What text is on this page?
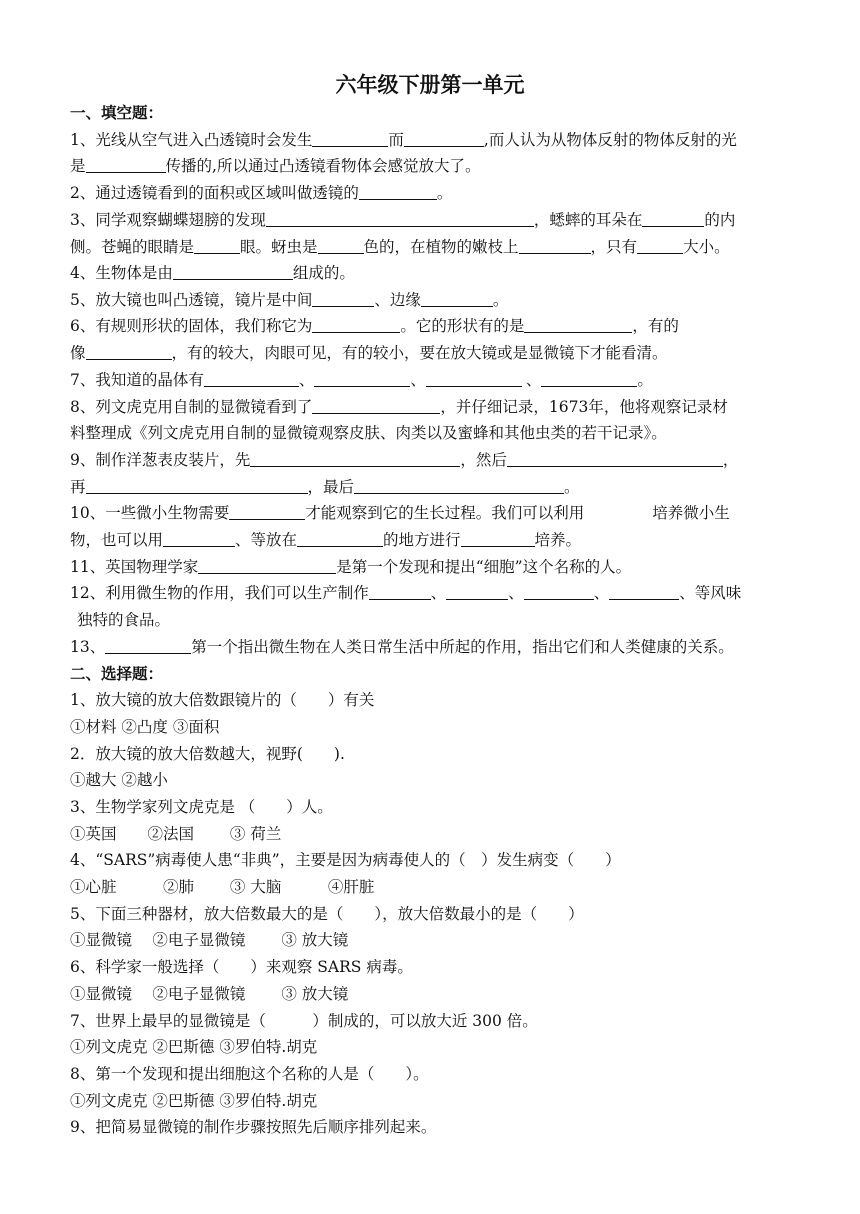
六年级下册第一单元
一、填空题：
1、光线从空气进入凸透镜时会发生	而	,而人认为从物体反射的物体反射的光
是	传播的,所以通过凸透镜看物体会感觉放大了。
2、通过透镜看到的面积或区域叫做透镜的	。
3、同学观察蝴蝶翅膀的发现	，蟋蟀的耳朵在	的内
侧。苍蝇的眼睛是	眼。蚜虫是	色的，在植物的嫩枝上	，只有	大小。
4、生物体是由	组成的。
5、放大镜也叫凸透镜，镜片是中间	、边缘	。
6、有规则形状的固体，我们称它为	。它的形状有的是	，有的
像	，有的较大，肉眼可见，有的较小，要在放大镜或是显微镜下才能看清。
7、我知道的晶体有	、	、	、	。
8、列文虎克用自制的显微镜看到了	，并仔细记录，1673年，他将观察记录材
料整理成《列文虎克用自制的显微镜观察皮肤、肉类以及蜜蜂和其他虫类的若干记录》。
9、制作洋葱表皮装片，先	，然后	，
再	，最后	。
10、一些微小生物需要	才能观察到它的生长过程。我们可以利用	培养微小生
物，也可以用	、等放在	的地方进行	培养。
11、英国物理学家	是第一个发现和提出“细胞”这个名称的人。
12、利用微生物的作用，我们可以生产制作	、	、	、	、等风味
独特的食品。
13、	第一个指出微生物在人类日常生活中所起的作用，指出它们和人类健康的关系。
二、选择题：
1、放大镜的放大倍数跟镜片的（　　）有关
①材料 ②凸度 ③面积
2．放大镜的放大倍数越大，视野(　　).
①越大 ②越小
3、生物学家列文虎克是 （　　）人。
①英国　　②法国　　 ③ 荷兰
4、“SARS”病毒使人患“非典”，主要是因为病毒使人的（　）发生病变（　　）
①心脏　　　②肺　　 ③ 大脑　　　④肝脏
5、下面三种器材，放大倍数最大的是（　　），放大倍数最小的是（　　）
①显微镜　 ②电子显微镜　　 ③ 放大镜
6、科学家一般选择（　　）来观察 SARS 病毒。
①显微镜　 ②电子显微镜　　 ③ 放大镜
7、世界上最早的显微镜是（　　　）制成的，可以放大近 300 倍。
①列文虎克 ②巴斯德 ③罗伯特.胡克
8、第一个发现和提出细胞这个名称的人是（　　）。
①列文虎克 ②巴斯德 ③罗伯特.胡克
9、把简易显微镜的制作步骤按照先后顺序排列起来。
